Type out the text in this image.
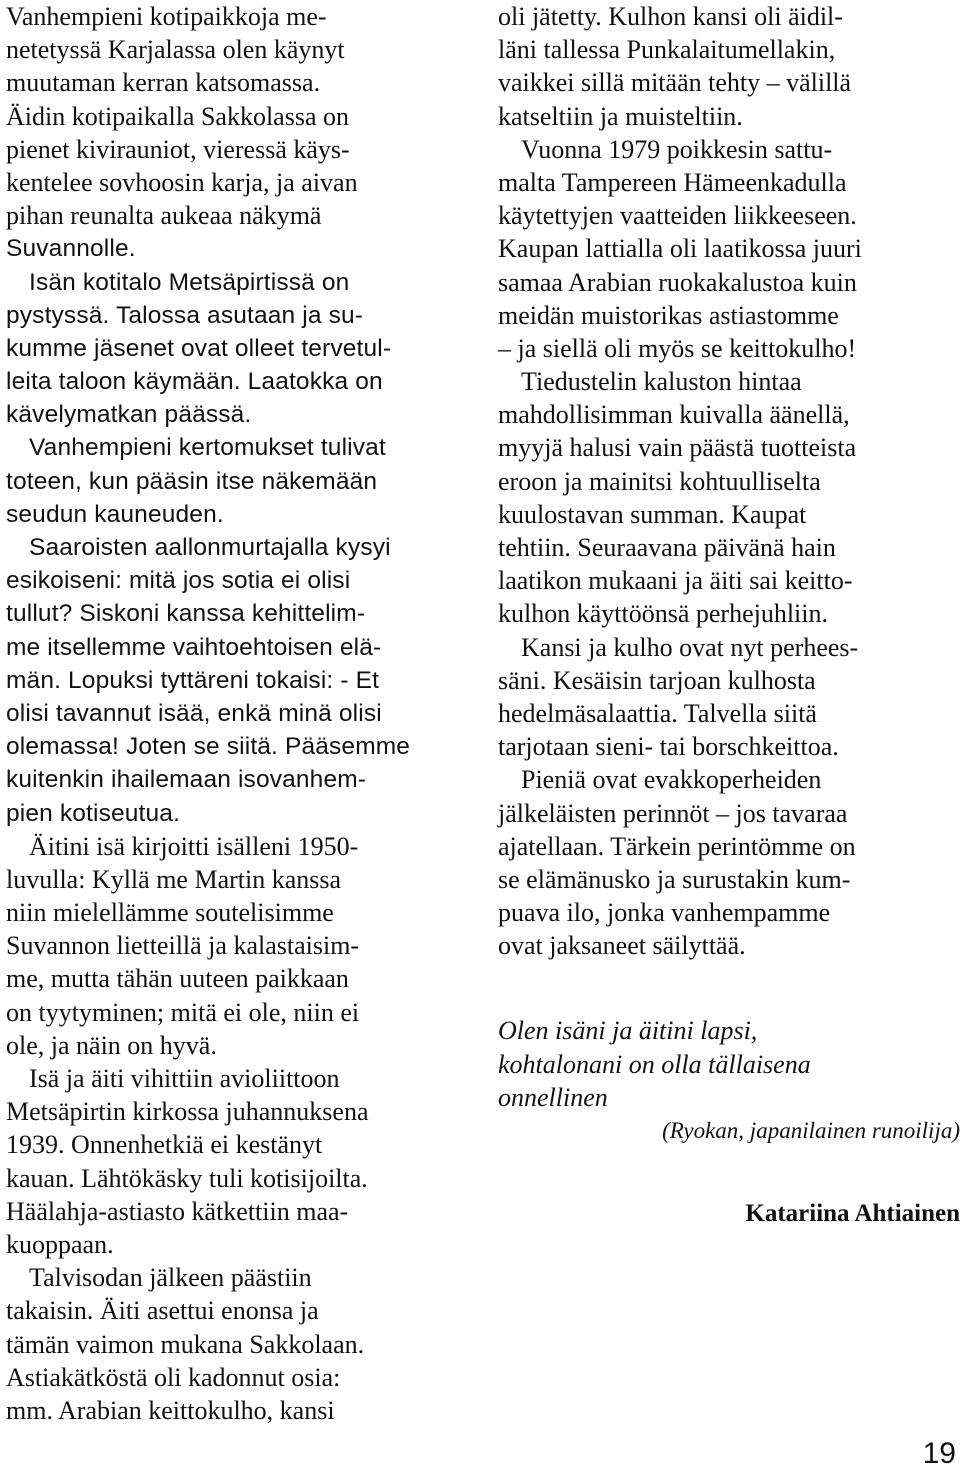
Vanhempieni kotipaikkoja me-
netetyssä Karjalassa olen käynyt
muutaman kerran katsomassa.
Äidin kotipaikalla Sakkolassa on
pienet kivirauniot, vieressä käys-
kentelee sovhoosin karja, ja aivan
pihan reunalta aukeaa näkymä
Suvannolle.
Isän kotitalo Metsäpirtissä on
pystyssä. Talossa asutaan ja su-
kumme jäsenet ovat olleet tervetul-
leita taloon käymään. Laatokka on
kävelymatkan päässä.
Vanhempieni kertomukset tulivat
toteen, kun pääsin itse näkemään
seudun kauneuden.
Saaroisten aallonmurtajalla kysyi
esikoiseni: mitä jos sotia ei olisi
tullut? Siskoni kanssa kehittelim-
me itsellemme vaihtoehtoisen elä-
män. Lopuksi tyttäreni tokaisi: - Et
olisi tavannut isää, enkä minä olisi
olemassa! Joten se siitä. Pääsemme
kuitenkin ihailemaan isovanhem-
pien kotiseutua.
Äitini isä kirjoitti isälleni 1950-
luvulla: Kyllä me Martin kanssa
niin mielellämme soutelisimme
Suvannon lietteillä ja kalastaisim-
me, mutta tähän uuteen paikkaan
on tyytyminen; mitä ei ole, niin ei
ole, ja näin on hyvä.
Isä ja äiti vihittiin avioliittoon
Metsäpirtin kirkossa juhannuksena
1939. Onnenhetkiä ei kestänyt
kauan. Lähtökäsky tuli kotisijoilta.
Häälahja-astiasto kätkettiin maa-
kuoppaan.
Talvisodan jälkeen päästiin
takaisin. Äiti asettui enonsa ja
tämän vaimon mukana Sakkolaan.
Astiakätköstä oli kadonnut osia:
mm. Arabian keittokulho, kansi
oli jätetty. Kulhon kansi oli äidil-
läni tallessa Punkalaitumellakin,
vaikkei sillä mitään tehty – välillä
katseltiin ja muisteltiin.
Vuonna 1979 poikkesin sattu-
malta Tampereen Hämeenkadulla
käytettyjen vaatteiden liikkeeseen.
Kaupan lattialla oli laatikossa juuri
samaa Arabian ruokakalustoa kuin
meidän muistorikas astiastomme
– ja siellä oli myös se keittokulho!
Tiedustelin kaluston hintaa
mahdollisimman kuivalla äänellä,
myyjä halusi vain päästä tuotteista
eroon ja mainitsi kohtuulliselta
kuulostavan summan. Kaupat
tehtiin. Seuraavana päivänä hain
laatikon mukaani ja äiti sai keitto-
kulhon käyttöönsä perhejuhliin.
Kansi ja kulho ovat nyt perhees-
säni. Kesäisin tarjoan kulhosta
hedelmäsalaattia. Talvella siitä
tarjotaan sieni- tai borschkeittoa.
Pieniä ovat evakkoperheiden
jälkeläisten perinnöt – jos tavaraa
ajatellaan. Tärkein perintömme on
se elämänusko ja surustakin kum-
puava ilo, jonka vanhempamme
ovat jaksaneet säilyttää.
Olen isäni ja äitini lapsi,
kohtalonani on olla tällaisena
onnellinen
(Ryokan, japanilainen runoilija)
Katariina Ahtiainen
19
